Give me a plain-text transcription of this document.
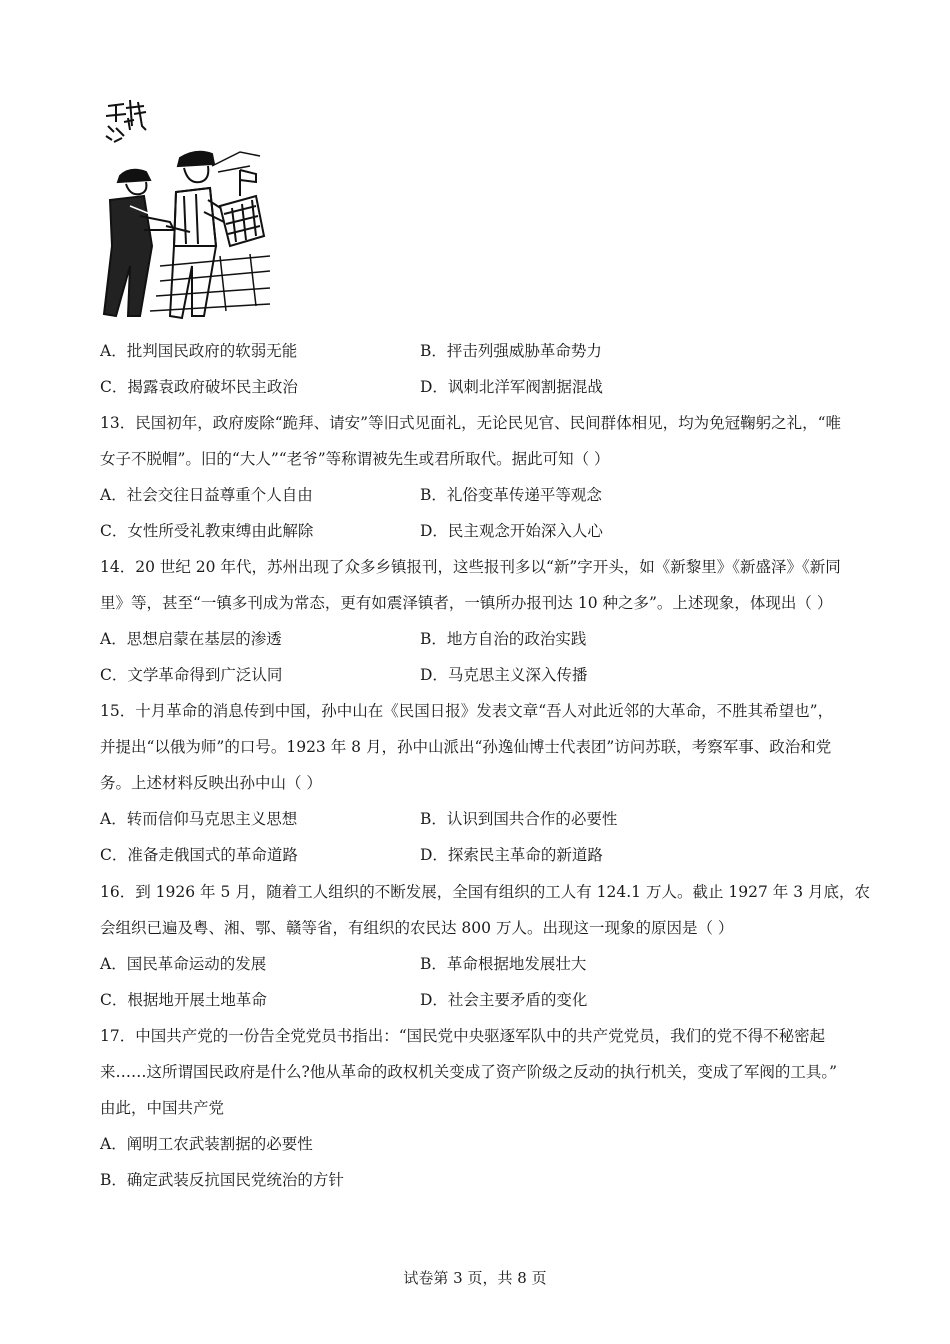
A．批判国民政府的软弱无能	B．抨击列强威胁革命势力
C．揭露袁政府破坏民主政治	D．讽刺北洋军阀割据混战
13．民国初年，政府废除“跪拜、请安”等旧式见面礼，无论民见官、民间群体相见，均为免冠鞠躬之礼，“唯
女子不脱帽”。旧的“大人”“老爷”等称谓被先生或君所取代。据此可知（ ）
A．社会交往日益尊重个人自由	B．礼俗变革传递平等观念
C．女性所受礼教束缚由此解除	D．民主观念开始深入人心
14．20 世纪 20 年代，苏州出现了众多乡镇报刊，这些报刊多以“新”字开头，如《新黎里》《新盛泽》《新同
里》等，甚至“一镇多刊成为常态，更有如震泽镇者，一镇所办报刊达 10 种之多”。上述现象，体现出（ ）
A．思想启蒙在基层的渗透	B．地方自治的政治实践
C．文学革命得到广泛认同	D．马克思主义深入传播
15．十月革命的消息传到中国，孙中山在《民国日报》发表文章“吾人对此近邻的大革命，不胜其希望也”，
并提出“以俄为师”的口号。1923 年 8 月，孙中山派出“孙逸仙博士代表团”访问苏联，考察军事、政治和党
务。上述材料反映出孙中山（ ）
A．转而信仰马克思主义思想	B．认识到国共合作的必要性
C．准备走俄国式的革命道路	D．探索民主革命的新道路
16．到 1926 年 5 月，随着工人组织的不断发展，全国有组织的工人有 124.1 万人。截止 1927 年 3 月底，农
会组织已遍及粤、湘、鄂、赣等省，有组织的农民达 800 万人。出现这一现象的原因是（ ）
A．国民革命运动的发展	B．革命根据地发展壮大
C．根据地开展土地革命	D．社会主要矛盾的变化
17．中国共产党的一份告全党党员书指出：“国民党中央驱逐军队中的共产党党员，我们的党不得不秘密起
来……这所谓国民政府是什么?他从革命的政权机关变成了资产阶级之反动的执行机关，变成了军阀的工具。”
由此，中国共产党
A．阐明工农武装割据的必要性
B．确定武装反抗国民党统治的方针
试卷第 3 页，共 8 页
